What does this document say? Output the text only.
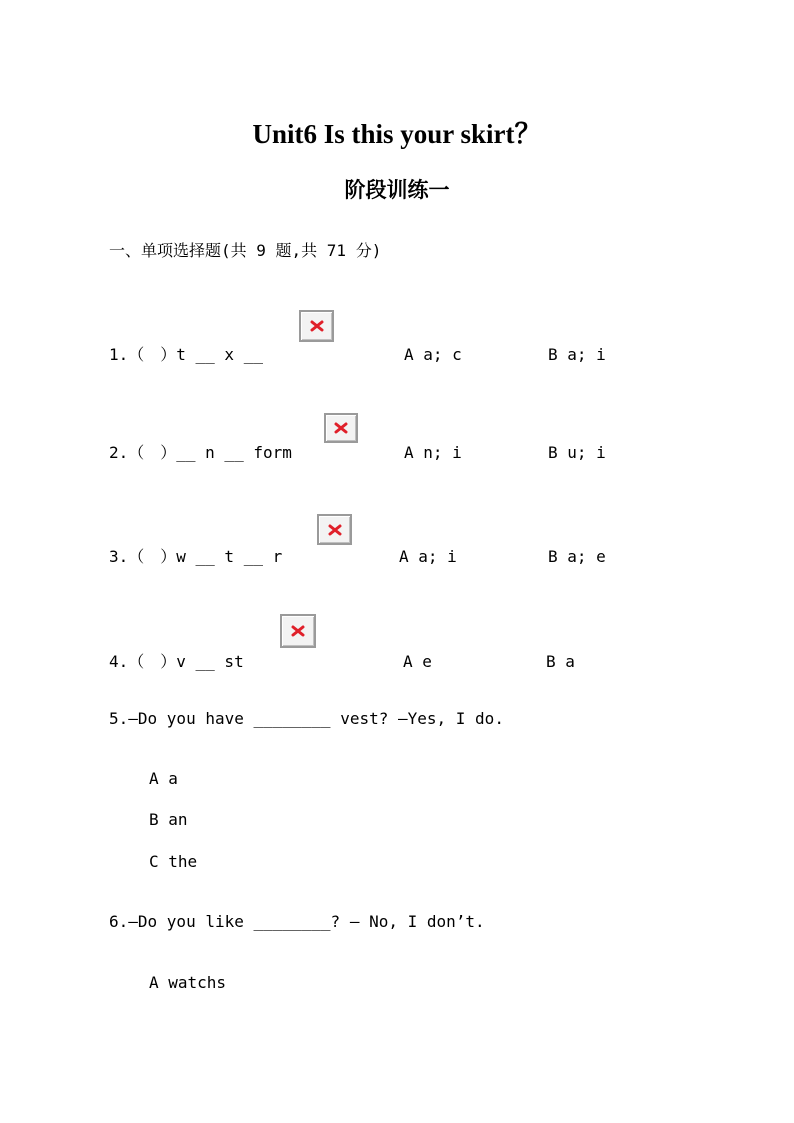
Unit6 Is this your skirt？
阶段训练一
一、单项选择题(共 9 题,共 71 分)
1.（　）t __ x __	A a; c	B a; i
2.（　）__ n __ form	A n; i	B u; i
3.（　）w __ t __ r	A a; i	B a; e
4.（　）v __ st	A e	B a
5.—Do you have ________ vest? —Yes, I do.
A a
B an
C the
6.—Do you like ________? — No, I don’t.
A watchs
